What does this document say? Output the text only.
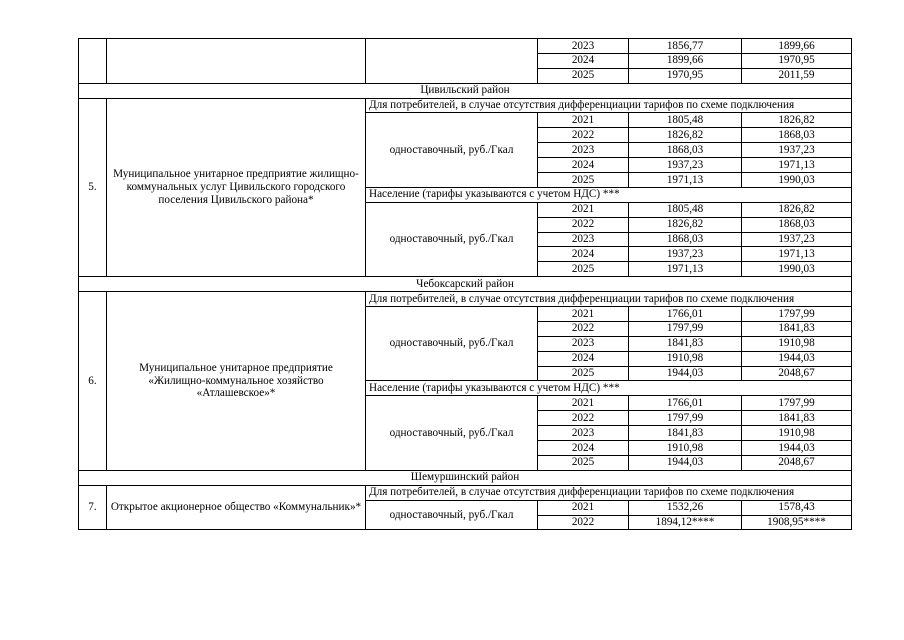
			2023	1856,77	1899,66
			2024	1899,66	1970,95
			2025	1970,95	2011,59
Цивильский район					
5.	Муниципальное унитарное предприятие жилищно-коммунальных услуг Цивильского городского поселения Цивильского района*	Для потребителей, в случае отсутствия дифференциации тарифов по схеме подключения			
		одноставочный, руб./Гкал	2021	1805,48	1826,82
			2022	1826,82	1868,03
			2023	1868,03	1937,23
			2024	1937,23	1971,13
			2025	1971,13	1990,03
		Население (тарифы указываются с учетом НДС) ***			
		одноставочный, руб./Гкал	2021	1805,48	1826,82
			2022	1826,82	1868,03
			2023	1868,03	1937,23
			2024	1937,23	1971,13
			2025	1971,13	1990,03
Чебоксарский район					
6.	Муниципальное унитарное предприятие «Жилищно-коммунальное хозяйство «Атлашевское»*	Для потребителей, в случае отсутствия дифференциации тарифов по схеме подключения			
		одноставочный, руб./Гкал	2021	1766,01	1797,99
			2022	1797,99	1841,83
			2023	1841,83	1910,98
			2024	1910,98	1944,03
			2025	1944,03	2048,67
		Население (тарифы указываются с учетом НДС) ***			
		одноставочный, руб./Гкал	2021	1766,01	1797,99
			2022	1797,99	1841,83
			2023	1841,83	1910,98
			2024	1910,98	1944,03
			2025	1944,03	2048,67
Шемуршинский район					
7.	Открытое акционерное общество «Коммунальник»*	Для потребителей, в случае отсутствия дифференциации тарифов по схеме подключения			
		одноставочный, руб./Гкал	2021	1532,26	1578,43
			2022	1894,12****	1908,95****
